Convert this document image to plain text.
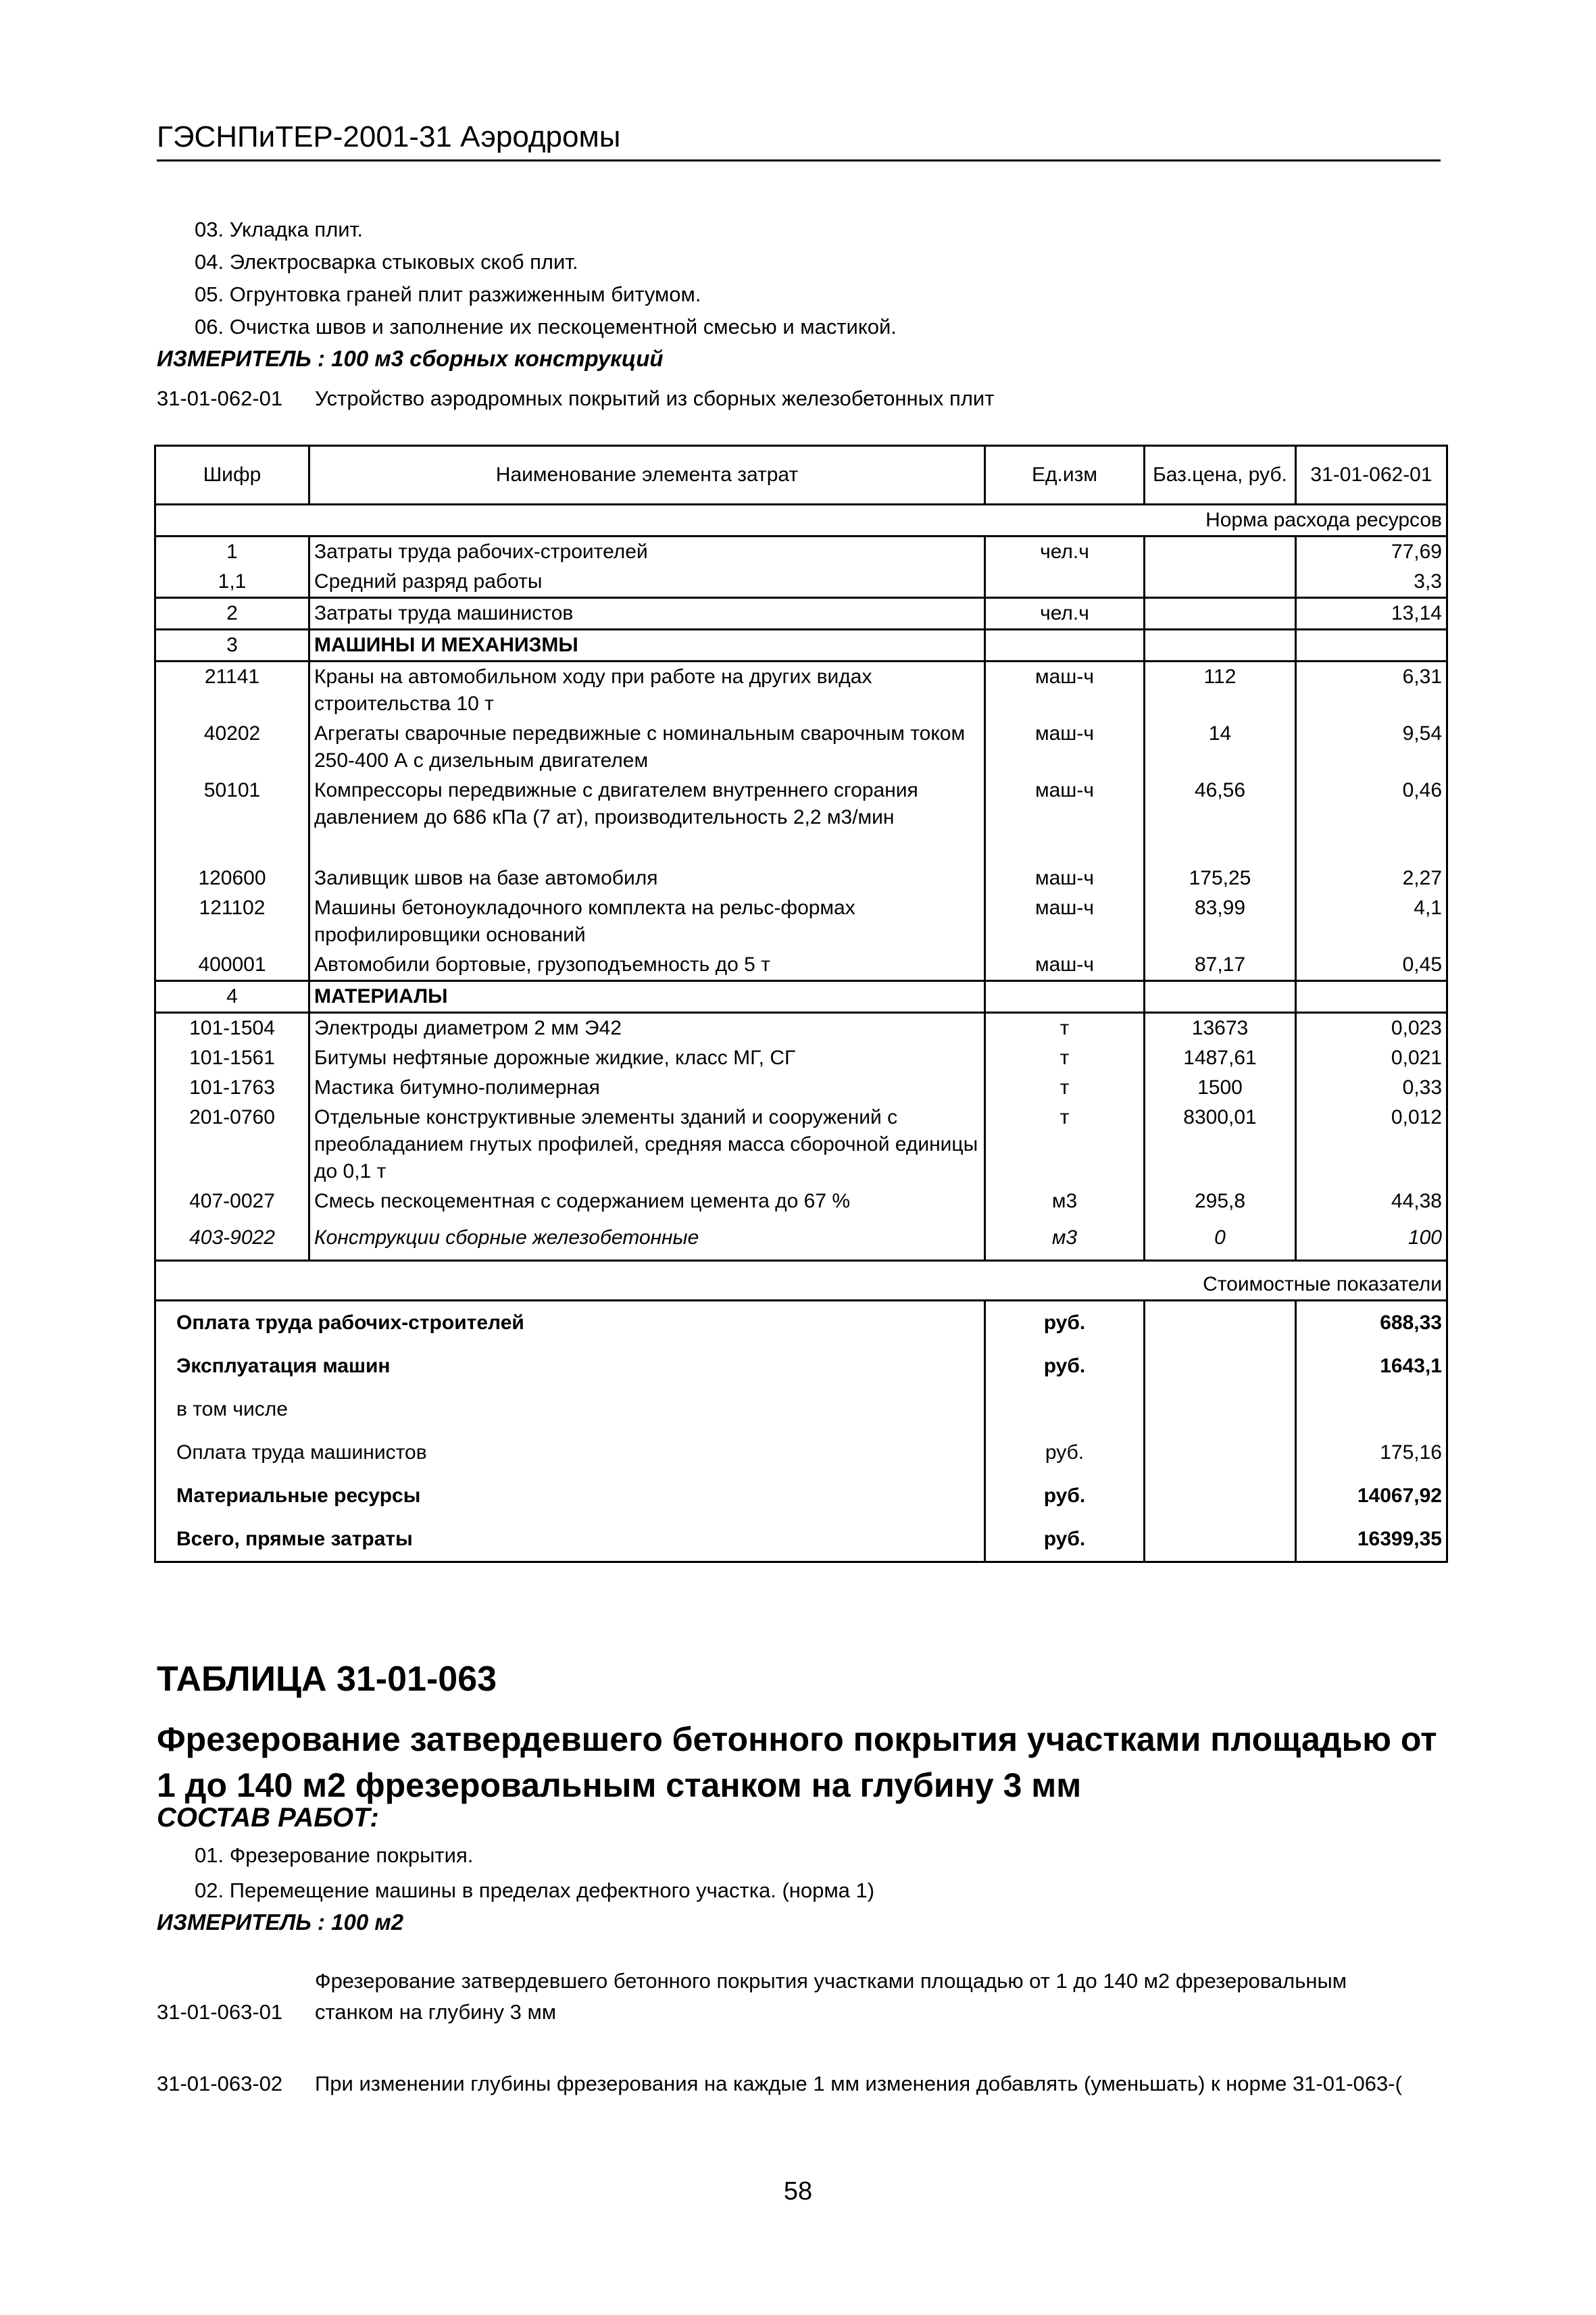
ГЭСНПиТЕР-2001-31 Аэродромы
03. Укладка плит.
04. Электросварка стыковых скоб плит.
05. Огрунтовка граней плит разжиженным битумом.
06. Очистка швов и заполнение их пескоцементной смесью и мастикой.
ИЗМЕРИТЕЛЬ : 100 м3 сборных конструкций
31-01-062-01 Устройство аэродромных покрытий из сборных железобетонных плит
Шифр	Наименование элемента затрат	Ед.изм	Баз.цена, руб.	31-01-062-01
Норма расхода ресурсов				
1	Затраты труда рабочих-строителей	чел.ч		77,69
1,1	Средний разряд работы			3,3
2	Затраты труда машинистов	чел.ч		13,14
3	МАШИНЫ И МЕХАНИЗМЫ			
21141	Краны на автомобильном ходу при работе на других видах строительства 10 т	маш-ч	112	6,31
40202	Агрегаты сварочные передвижные с номинальным сварочным током 250-400 А с дизельным двигателем	маш-ч	14	9,54
50101	Компрессоры передвижные с двигателем внутреннего сгорания давлением до 686 кПа (7 ат), производительность 2,2 м3/мин	маш-ч	46,56	0,46
120600	Заливщик швов на базе автомобиля	маш-ч	175,25	2,27
121102	Машины бетоноукладочного комплекта на рельс-формах профилировщики оснований	маш-ч	83,99	4,1
400001	Автомобили бортовые, грузоподъемность до 5 т	маш-ч	87,17	0,45
4	МАТЕРИАЛЫ			
101-1504	Электроды диаметром 2 мм Э42	т	13673	0,023
101-1561	Битумы нефтяные дорожные жидкие, класс МГ, СГ	т	1487,61	0,021
101-1763	Мастика битумно-полимерная	т	1500	0,33
201-0760	Отдельные конструктивные элементы зданий и сооружений с преобладанием гнутых профилей, средняя масса сборочной единицы до 0,1 т	т	8300,01	0,012
407-0027	Смесь пескоцементная с содержанием цемента до 67 %	м3	295,8	44,38
403-9022	Конструкции сборные железобетонные	м3	0	100
Стоимостные показатели				
Оплата труда рабочих-строителей		руб.		688,33
Эксплуатация машин		руб.		1643,1
в том числе				
Оплата труда машинистов		руб.		175,16
Материальные ресурсы		руб.		14067,92
Всего, прямые затраты		руб.		16399,35
ТАБЛИЦА 31-01-063
Фрезерование затвердевшего бетонного покрытия участками площадью от 1 до 140 м2 фрезеровальным станком на глубину 3 мм
СОСТАВ РАБОТ:
01. Фрезерование покрытия.
02. Перемещение машины в пределах дефектного участка. (норма 1)
ИЗМЕРИТЕЛЬ : 100 м2
Фрезерование затвердевшего бетонного покрытия участками площадью от 1 до 140 м2 фрезеровальным
31-01-063-01 станком на глубину 3 мм
31-01-063-02 При изменении глубины фрезерования на каждые 1 мм изменения добавлять (уменьшать) к норме 31-01-063-(
58
